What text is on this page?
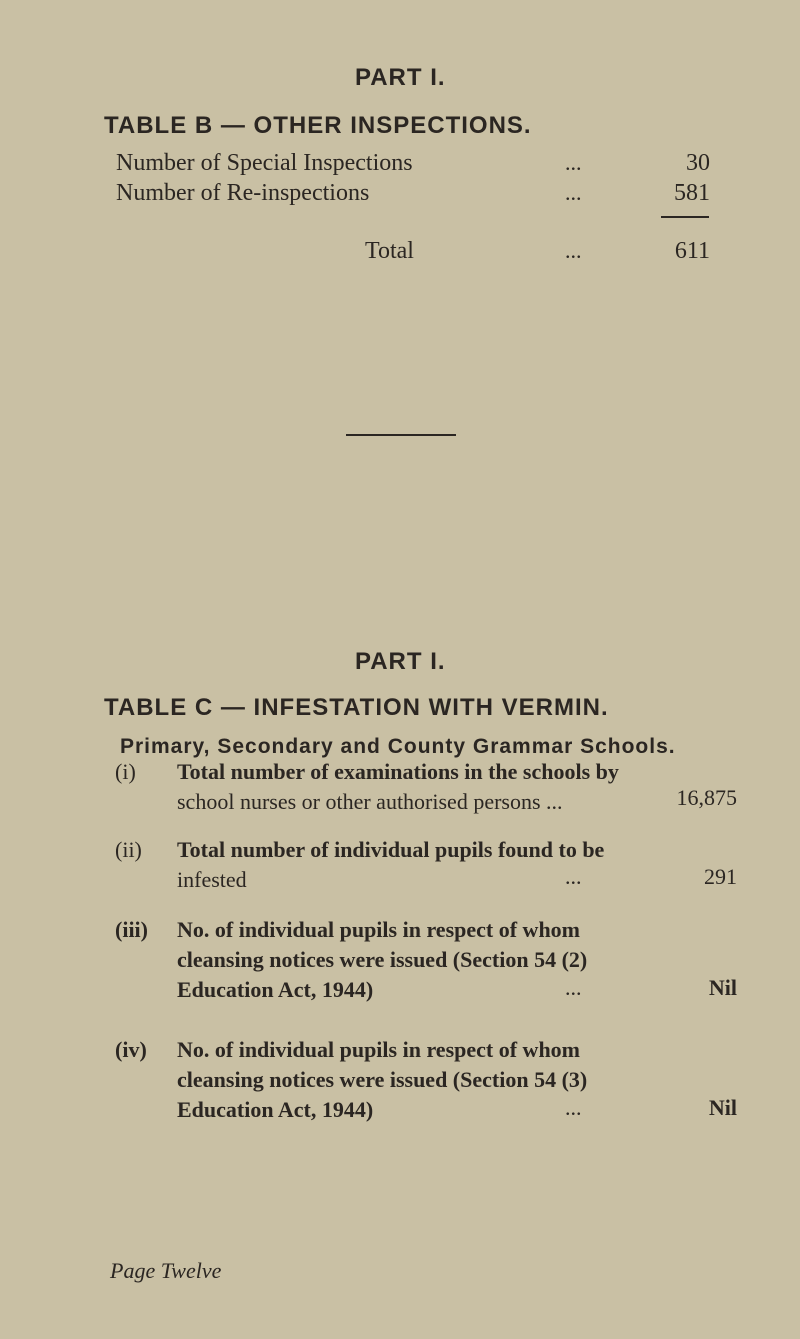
PART I.
TABLE B — OTHER INSPECTIONS.
Number of Special Inspections	...	30
Number of Re-inspections	...	581
Total	...	611
PART I.
TABLE C — INFESTATION WITH VERMIN.
Primary, Secondary and County Grammar Schools.
(i) Total number of examinations in the schools by
school nurses or other authorised persons ...	16,875
(ii) Total number of individual pupils found to be
infested	...	291
(iii) No. of individual pupils in respect of whom
cleansing notices were issued (Section 54 (2)
Education Act, 1944)	...	Nil
(iv) No. of individual pupils in respect of whom
cleansing notices were issued (Section 54 (3)
Education Act, 1944)	...	Nil
Page Twelve
